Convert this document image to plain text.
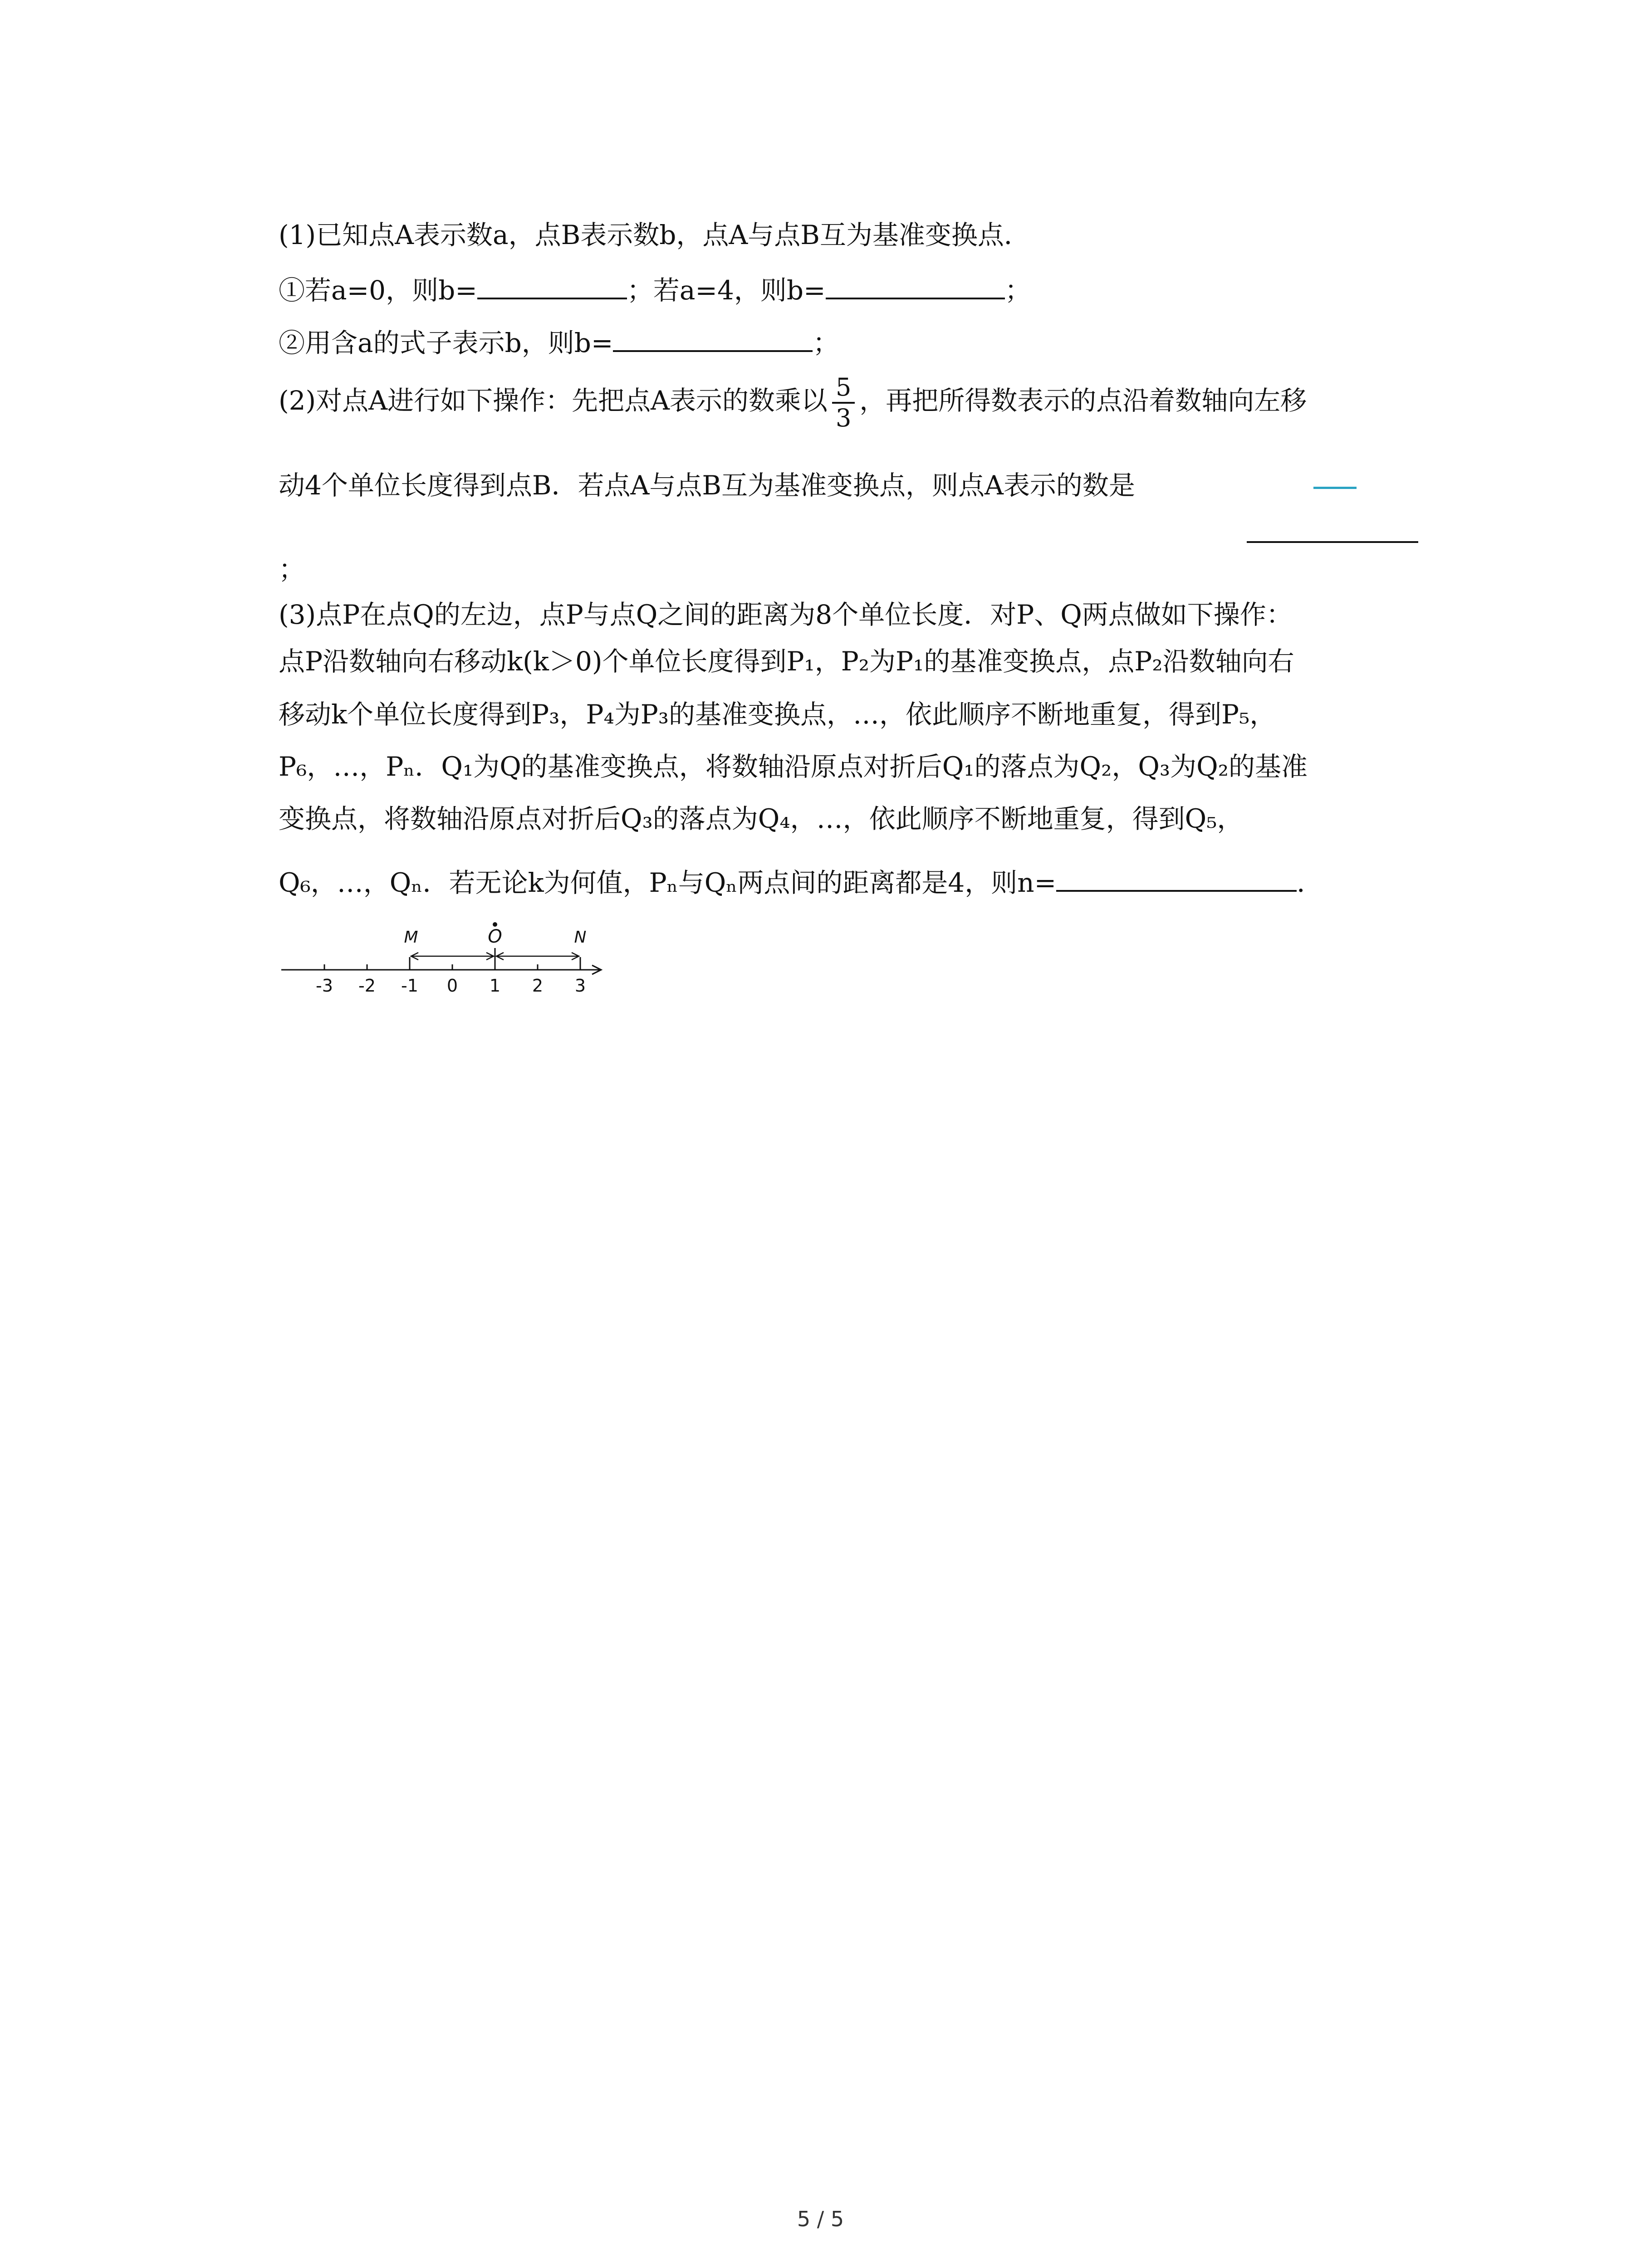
(1)已知点A表示数a，点B表示数b，点A与点B互为基准变换点．
①若a=0，则b=	；若a=4，则b=	；
②用含a的式子表示b，则b=	；
(2)对点A进行如下操作：先把点A表示的数乘以 $\frac{5}{3}$ ，再把所得数表示的点沿着数轴向左移
动4个单位长度得到点B．若点A与点B互为基准变换点，则点A表示的数是
；
(3)点P在点Q的左边，点P与点Q之间的距离为8个单位长度．对P、Q两点做如下操作：
点P沿数轴向右移动k(k＞0)个单位长度得到P₁，P₂为P₁的基准变换点，点P₂沿数轴向右
移动k个单位长度得到P₃，P₄为P₃的基准变换点，…，依此顺序不断地重复，得到P₅，
P₆，…，Pₙ．Q₁为Q的基准变换点，将数轴沿原点对折后Q₁的落点为Q₂，Q₃为Q₂的基准
变换点，将数轴沿原点对折后Q₃的落点为Q₄，…，依此顺序不断地重复，得到Q₅，
Q₆，…，Qₙ．若无论k为何值，Pₙ与Qₙ两点间的距离都是4，则n=	．
-3 -2 -1 0 1 2 3
M	O	N
5 / 5
